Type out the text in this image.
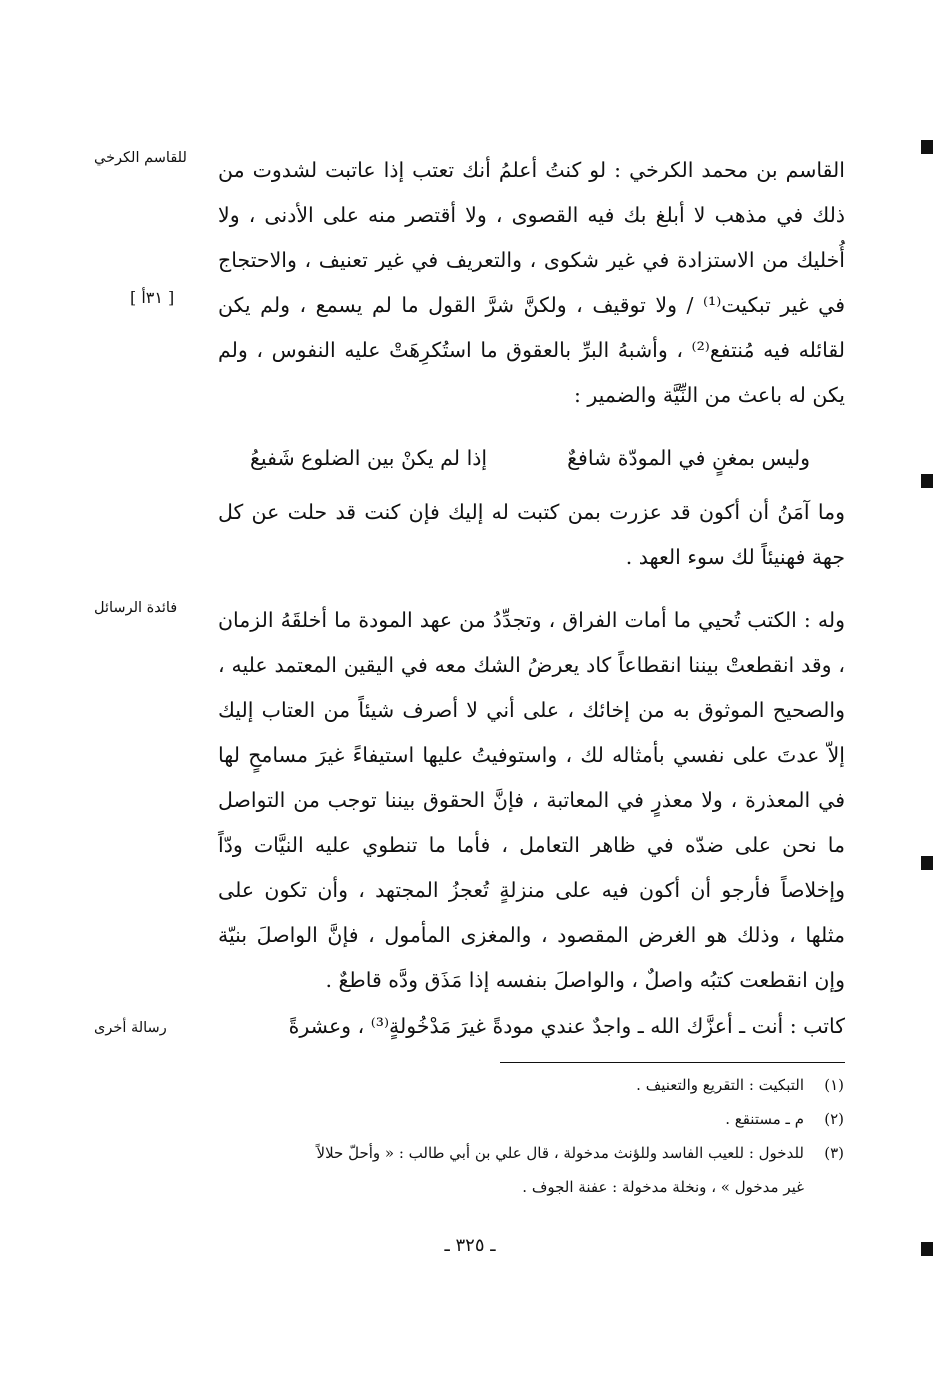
للقاسم الكرخي
[ ٣١أ ]
فائدة الرسائل
رسالة أخرى

القاسم بن محمد الكرخي : لو كنتُ أعلمُ أنك تعتب إذا عاتبت لشدوت من ذلك في مذهب لا أبلغ بك فيه القصوى ، ولا أقتصر منه على الأدنى ، ولا أُخليك من الاستزادة في غير شكوى ، والتعريف في غير تعنيف ، والاحتجاج في غير تبكيت⁽¹⁾ / ولا توقيف ، ولكنَّ شرَّ القول ما لم يسمع ، ولم يكن لقائله فيه مُنتفع⁽²⁾ ، وأشبهُ البرِّ بالعقوق ما استُكرِهَتْ عليه النفوس ، ولم يكن له باعث من النِّيَّة والضمير :

وليس بمغنٍ في المودّة شافعٌ
إذا لم يكنْ بين الضلوع شَفيعُ

وما آمَنُ أن أكون قد عزرت بمن كتبت له إليك فإن كنت قد حلت عن كل جهة فهنيئاً لك سوء العهد .

وله : الكتب تُحيي ما أمات الفراق ، وتجدِّدُ من عهد المودة ما أخلقَهُ الزمان ، وقد انقطعتْ بيننا انقطاعاً كاد يعرضُ الشك معه في اليقين المعتمد عليه ، والصحيح الموثوق به من إخائك ، على أني لا أصرف شيئاً من العتاب إليك إلاّ عدتَ على نفسي بأمثاله لك ، واستوفيتُ عليها استيفاءً غيرَ مسامحٍ لها في المعذرة ، ولا معذرٍ في المعاتبة ، فإنَّ الحقوق بيننا توجب من التواصل ما نحن على ضدّه في ظاهر التعامل ، فأما ما تنطوي عليه النيَّات ودّاً وإخلاصاً فأرجو أن أكون فيه على منزلةٍ تُعجزُ المجتهد ، وأن تكون على مثلها ، وذلك هو الغرض المقصود ، والمغزى المأمول ، فإنَّ الواصلَ بنيّة وإن انقطعت كتبُه واصلٌ ، والواصلَ بنفسه إذا مَذَق ودَّه قاطعٌ .

كاتب : أنت ـ أعزَّك الله ـ واجدٌ عندي مودةً غيرَ مَدْخُولةٍ⁽³⁾ ، وعشرةً

(١)
التبكيت : التقريع والتعنيف .
(٢)
م ـ مستنقع .
(٣)
للدخول : للعيب الفاسد وللؤنث مدخولة ، قال علي بن أبي طالب : « وأحلّ حلالاً
غير مدخول » ، ونخلة مدخولة : عفنة الجوف .
ـ ٣٢٥ ـ
